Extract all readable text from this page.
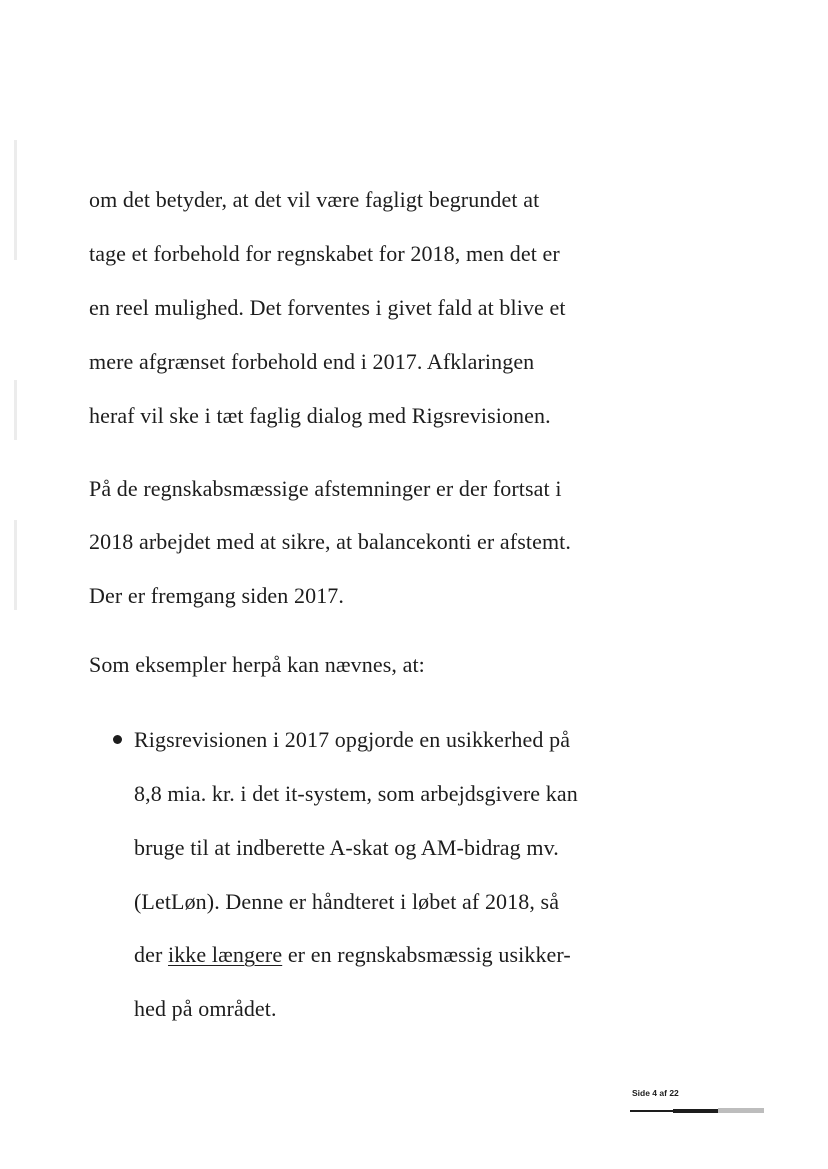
om det betyder, at det vil være fagligt begrundet at

tage et forbehold for regnskabet for 2018, men det er

en reel mulighed. Det forventes i givet fald at blive et

mere afgrænset forbehold end i 2017. Afklaringen

heraf vil ske i tæt faglig dialog med Rigsrevisionen.

På de regnskabsmæssige afstemninger er der fortsat i

2018 arbejdet med at sikre, at balancekonti er afstemt.

Der er fremgang siden 2017.

Som eksempler herpå kan nævnes, at:

Rigsrevisionen i 2017 opgjorde en usikkerhed på

8,8 mia. kr. i det it-system, som arbejdsgivere kan

bruge til at indberette A-skat og AM-bidrag mv.

(LetLøn). Denne er håndteret i løbet af 2018, så

der ikke længere er en regnskabsmæssig usikker-

hed på området.

Side 4 af 22
